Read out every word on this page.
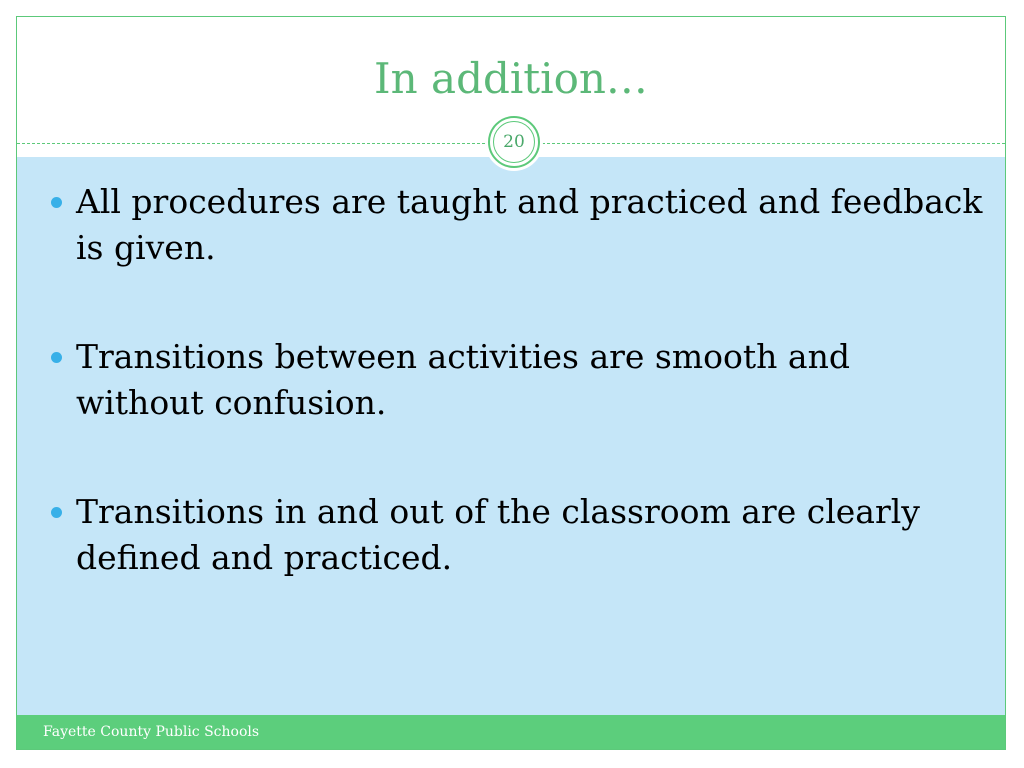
In addition…
All procedures are taught and practiced and feedback is given.
Transitions between activities are smooth and without confusion.
Transitions in and out of the classroom are clearly defined and practiced.
20
Fayette County Public Schools
